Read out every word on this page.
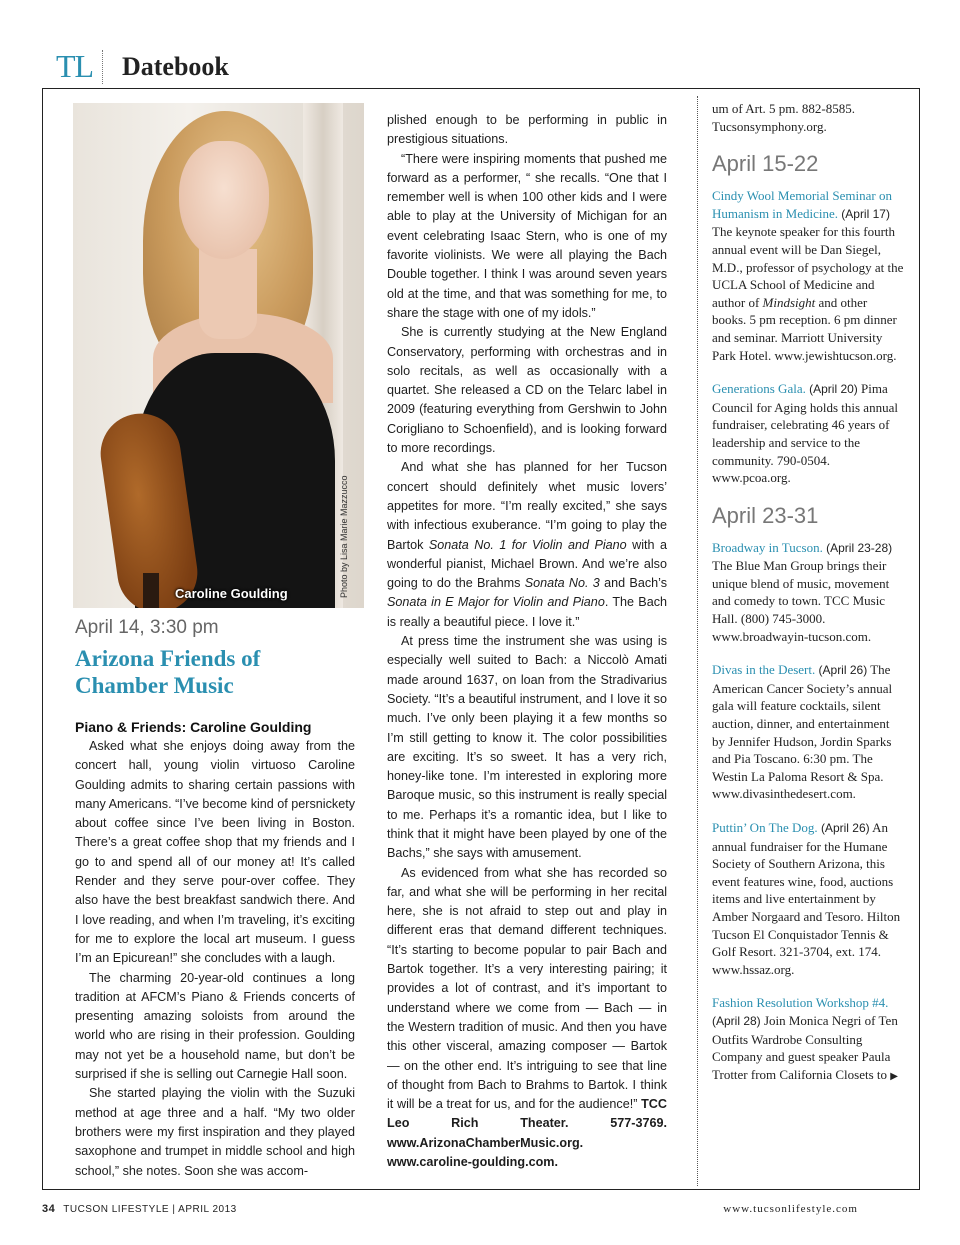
TL Datebook
Caroline Goulding	Photo by Lisa Marie Mazzucco
April 14, 3:30 pm
Arizona Friends of
Chamber Music
Piano & Friends: Caroline Goulding

Asked what she enjoys doing away from the concert hall, young violin virtuoso Caroline Goulding admits to sharing certain passions with many Americans. “I’ve become kind of persnickety about coffee since I’ve been living in Boston. There’s a great coffee shop that my friends and I go to and spend all of our money at! It’s called Render and they serve pour-over coffee. They also have the best breakfast sandwich there. And I love reading, and when I’m traveling, it’s exciting for me to explore the local art museum. I guess I’m an Epicurean!” she concludes with a laugh.

The charming 20-year-old continues a long tradition at AFCM’s Piano & Friends concerts of presenting amazing soloists from around the world who are rising in their profession. Goulding may not yet be a household name, but don’t be surprised if she is selling out Carnegie Hall soon.

She started playing the violin with the Suzuki method at age three and a half. “My two older brothers were my first inspiration and they played saxophone and trumpet in middle school and high school,” she notes. Soon she was accom-

plished enough to be performing in public in prestigious situations.

“There were inspiring moments that pushed me forward as a performer, “ she recalls. “One that I remember well is when 100 other kids and I were able to play at the University of Michigan for an event celebrating Isaac Stern, who is one of my favorite violinists. We were all playing the Bach Double together. I think I was around seven years old at the time, and that was something for me, to share the stage with one of my idols.”

She is currently studying at the New England Conservatory, performing with orchestras and in solo recitals, as well as occasionally with a quartet. She released a CD on the Telarc label in 2009 (featuring everything from Gershwin to John Corigliano to Schoenfield), and is looking forward to more recordings.

And what she has planned for her Tucson concert should definitely whet music lovers’ appetites for more. “I’m really excited,” she says with infectious exuberance. “I’m going to play the Bartok Sonata No. 1 for Violin and Piano with a wonderful pianist, Michael Brown. And we’re also going to do the Brahms Sonata No. 3 and Bach’s Sonata in E Major for Violin and Piano. The Bach is really a beautiful piece. I love it.”

At press time the instrument she was using is especially well suited to Bach: a Niccolò Amati made around 1637, on loan from the Stradivarius Society. “It’s a beautiful instrument, and I love it so much. I’ve only been playing it a few months so I’m still getting to know it. The color possibilities are exciting. It’s so sweet. It has a very rich, honey-like tone. I’m interested in exploring more Baroque music, so this instrument is really special to me. Perhaps it’s a romantic idea, but I like to think that it might have been played by one of the Bachs,” she says with amusement.

As evidenced from what she has recorded so far, and what she will be performing in her recital here, she is not afraid to step out and play in different eras that demand different techniques. “It’s starting to become popular to pair Bach and Bartok together. It’s a very interesting pairing; it provides a lot of contrast, and it’s important to understand where we come from — Bach — in the Western tradition of music. And then you have this other visceral, amazing composer — Bartok — on the other end. It’s intriguing to see that line of thought from Bach to Brahms to Bartok. I think it will be a treat for us, and for the audience!” TCC Leo Rich Theater. 577-3769. www.ArizonaChamberMusic.org. www.caroline-goulding.com.

um of Art. 5 pm. 882-8585. Tucsonsymphony.org.

April 15-22

Cindy Wool Memorial Seminar on Humanism in Medicine. (April 17) The keynote speaker for this fourth annual event will be Dan Siegel, M.D., professor of psychology at the UCLA School of Medicine and author of Mindsight and other books. 5 pm reception. 6 pm dinner and seminar. Marriott University Park Hotel. www.jewishtucson.org.

Generations Gala. (April 20) Pima Council for Aging holds this annual fundraiser, celebrating 46 years of leadership and service to the community. 790-0504. www.pcoa.org.

April 23-31

Broadway in Tucson. (April 23-28) The Blue Man Group brings their unique blend of music, movement and comedy to town. TCC Music Hall. (800) 745-3000. www.broadwayin-tucson.com.

Divas in the Desert. (April 26) The American Cancer Society’s annual gala will feature cocktails, silent auction, dinner, and entertainment by Jennifer Hudson, Jordin Sparks and Pia Toscano. 6:30 pm. The Westin La Paloma Resort & Spa. www.divasinthedesert.com.

Puttin’ On The Dog. (April 26) An annual fundraiser for the Humane Society of Southern Arizona, this event features wine, food, auctions items and live entertainment by Amber Norgaard and Tesoro. Hilton Tucson El Conquistador Tennis & Golf Resort. 321-3704, ext. 174. www.hssaz.org.

Fashion Resolution Workshop #4. (April 28) Join Monica Negri of Ten Outfits Wardrobe Consulting Company and guest speaker Paula Trotter from California Closets to ▶

34 TUCSON LIFESTYLE | APRIL 2013	www.tucsonlifestyle.com
